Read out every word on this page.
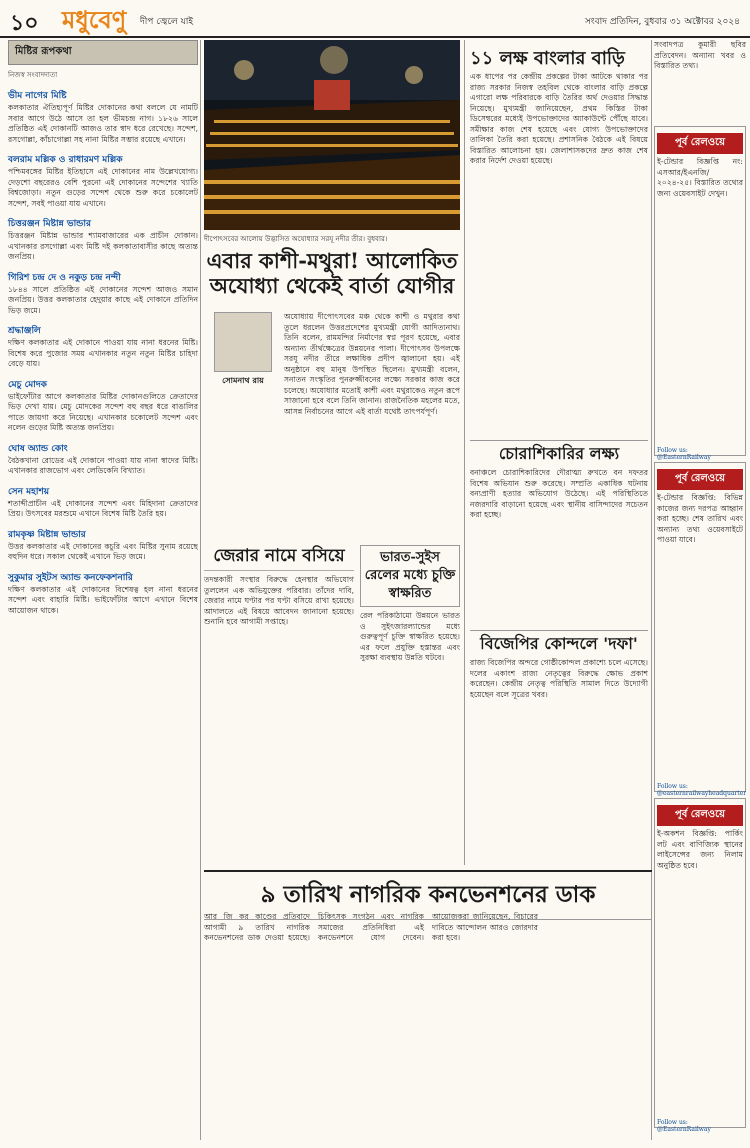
১০ মধুবেণু দীপ জ্বেলে যাই	সংবাদ প্রতিদিন, বুধবার ৩১ অক্টোবর ২০২৪
মিষ্টির রূপকথা
নিজস্ব সংবাদদাতা
ভীম নাগের মিষ্টি
কলকাতার ঐতিহ্যপূর্ণ মিষ্টির দোকানের কথা বললে যে নামটি সবার আগে উঠে আসে তা হল ভীমচন্দ্র নাগ। ১৮২৬ সালে প্রতিষ্ঠিত এই দোকানটি আজও তার স্বাদ ধরে রেখেছে। সন্দেশ, রসগোল্লা, কাঁচাগোল্লা সহ নানা মিষ্টির সম্ভার রয়েছে এখানে।
বলরাম মল্লিক ও রাধারমণ মল্লিক
পশ্চিমবঙ্গের মিষ্টির ইতিহাসে এই দোকানের নাম উল্লেখযোগ্য। দেড়শো বছরেরও বেশি পুরনো এই দোকানের সন্দেশের খ্যাতি বিশ্বজোড়া। নতুন গুড়ের সন্দেশ থেকে শুরু করে চকোলেট সন্দেশ, সবই পাওয়া যায় এখানে।
চিত্তরঞ্জন মিষ্টান্ন ভান্ডার
চিত্তরঞ্জন মিষ্টান্ন ভান্ডার শ্যামবাজারের এক প্রাচীন দোকান। এখানকার রসগোল্লা এবং মিষ্টি দই কলকাতাবাসীর কাছে অত্যন্ত জনপ্রিয়।
গিরিশ চন্দ্র দে ও নকুড় চন্দ্র নন্দী
১৮৪৪ সালে প্রতিষ্ঠিত এই দোকানের সন্দেশ আজও সমান জনপ্রিয়। উত্তর কলকাতার হেদুয়ার কাছে এই দোকানে প্রতিদিন ভিড় জমে।
শ্রদ্ধাঞ্জলি
দক্ষিণ কলকাতার এই দোকানে পাওয়া যায় নানা ধরনের মিষ্টি। বিশেষ করে পুজোর সময় এখানকার নতুন নতুন মিষ্টির চাহিদা বেড়ে যায়।
মেচু মোদক
ভাইফোঁটার আগে কলকাতার মিষ্টির দোকানগুলিতে ক্রেতাদের ভিড় দেখা যায়। মেচু মোদকের সন্দেশ বহু বছর ধরে বাঙালির পাতে জায়গা করে নিয়েছে। এখানকার চকোলেট সন্দেশ এবং নলেন গুড়ের মিষ্টি অত্যন্ত জনপ্রিয়।
ঘোষ অ্যান্ড কোং
বৈঠকখানা রোডের এই দোকানে পাওয়া যায় নানা স্বাদের মিষ্টি। এখানকার রাজভোগ এবং লেডিকেনি বিখ্যাত।
সেন মহাশয়
শতাব্দীপ্রাচীন এই দোকানের সন্দেশ এবং মিহিদানা ক্রেতাদের প্রিয়। উৎসবের মরশুমে এখানে বিশেষ মিষ্টি তৈরি হয়।
রামকৃষ্ণ মিষ্টান্ন ভান্ডার
উত্তর কলকাতার এই দোকানের কচুরি এবং মিষ্টির সুনাম রয়েছে বহুদিন ধরে। সকাল থেকেই এখানে ভিড় জমে।
সুকুমার সুইটস অ্যান্ড কনফেকশনারি
দক্ষিণ কলকাতার এই দোকানের বিশেষত্ব হল নানা ধরনের সন্দেশ এবং বাহারি মিষ্টি। ভাইফোঁটার আগে এখানে বিশেষ আয়োজন থাকে।
দীপোৎসবের আলোয় উদ্ভাসিত অযোধ্যার সরযূ নদীর তীর। বুধবার।
এবার কাশী-মথুরা! আলোকিত অযোধ্যা থেকেই বার্তা যোগীর
সোমনাথ রায়
অযোধ্যায় দীপোৎসবের মঞ্চ থেকে কাশী ও মথুরার কথা তুলে ধরলেন উত্তরপ্রদেশের মুখ্যমন্ত্রী যোগী আদিত্যনাথ। তিনি বলেন, রামমন্দির নির্মাণের স্বপ্ন পূরণ হয়েছে, এবার অন্যান্য তীর্থক্ষেত্রের উন্নয়নের পালা। দীপোৎসব উপলক্ষে সরযূ নদীর তীরে লক্ষাধিক প্রদীপ জ্বালানো হয়। এই অনুষ্ঠানে বহু মানুষ উপস্থিত ছিলেন। মুখ্যমন্ত্রী বলেন, সনাতন সংস্কৃতির পুনরুজ্জীবনের লক্ষ্যে সরকার কাজ করে চলেছে। অযোধ্যার মতোই কাশী এবং মথুরাকেও নতুন রূপে সাজানো হবে বলে তিনি জানান। রাজনৈতিক মহলের মতে, আসন্ন নির্বাচনের আগে এই বার্তা যথেষ্ট তাৎপর্যপূর্ণ।
জেরার নামে বসিয়ে
তদন্তকারী সংস্থার বিরুদ্ধে হেনস্থার অভিযোগ তুললেন এক অভিযুক্তের পরিবার। তাঁদের দাবি, জেরার নামে ঘণ্টার পর ঘণ্টা বসিয়ে রাখা হয়েছে। আদালতে এই বিষয়ে আবেদন জানানো হয়েছে। শুনানি হবে আগামী সপ্তাহে।
ভারত-সুইস রেলের মধ্যে চুক্তি স্বাক্ষরিত
রেল পরিকাঠামো উন্নয়নে ভারত ও সুইৎজারল্যান্ডের মধ্যে গুরুত্বপূর্ণ চুক্তি স্বাক্ষরিত হয়েছে। এর ফলে প্রযুক্তি হস্তান্তর এবং সুরক্ষা ব্যবস্থায় উন্নতি ঘটবে।
১১ লক্ষ বাংলার বাড়ি
এক ধাপের পর কেন্দ্রীয় প্রকল্পের টাকা আটকে থাকার পর রাজ্য সরকার নিজস্ব তহবিল থেকে বাংলার বাড়ি প্রকল্পে এগারো লক্ষ পরিবারকে বাড়ি তৈরির অর্থ দেওয়ার সিদ্ধান্ত নিয়েছে। মুখ্যমন্ত্রী জানিয়েছেন, প্রথম কিস্তির টাকা ডিসেম্বরের মধ্যেই উপভোক্তাদের অ্যাকাউন্টে পৌঁছে যাবে। সমীক্ষার কাজ শেষ হয়েছে এবং যোগ্য উপভোক্তাদের তালিকা তৈরি করা হয়েছে। প্রশাসনিক বৈঠকে এই বিষয়ে বিস্তারিত আলোচনা হয়। জেলাশাসকদের দ্রুত কাজ শেষ করার নির্দেশ দেওয়া হয়েছে।
চোরাশিকারির লক্ষ্য
বনাঞ্চলে চোরাশিকারিদের দৌরাত্ম্য রুখতে বন দফতর বিশেষ অভিযান শুরু করেছে। সম্প্রতি একাধিক ঘটনায় বন্যপ্রাণী হত্যার অভিযোগ উঠেছে। এই পরিস্থিতিতে নজরদারি বাড়ানো হয়েছে এবং স্থানীয় বাসিন্দাদের সচেতন করা হচ্ছে।
বিজেপির কোন্দলে 'দফা'
রাজ্য বিজেপির অন্দরে গোষ্ঠীকোন্দল প্রকাশ্যে চলে এসেছে। দলের একাংশ রাজ্য নেতৃত্বের বিরুদ্ধে ক্ষোভ প্রকাশ করেছেন। কেন্দ্রীয় নেতৃত্ব পরিস্থিতি সামাল দিতে উদ্যোগী হয়েছেন বলে সূত্রের খবর।
৯ তারিখ নাগরিক কনভেনশনের ডাক
আর জি কর কাণ্ডের প্রতিবাদে আগামী ৯ তারিখ নাগরিক কনভেনশনের ডাক দেওয়া হয়েছে। চিকিৎসক সংগঠন এবং নাগরিক সমাজের প্রতিনিধিরা এই কনভেনশনে যোগ দেবেন। আয়োজকরা জানিয়েছেন, বিচারের দাবিতে আন্দোলন আরও জোরদার করা হবে।
সংবাদপত্র কুমারী ছবির প্রতিবেদন। অন্যান্য খবর ও বিস্তারিত তথ্য।
পূর্ব রেলওয়ে
ই-টেন্ডার বিজ্ঞপ্তি নং: এসআর/ইএনজি/২০২৪-২৫। বিস্তারিত তথ্যের জন্য ওয়েবসাইট দেখুন।
Follow us: @EasternRailway
পূর্ব রেলওয়ে
ই-টেন্ডার বিজ্ঞপ্তি: বিভিন্ন কাজের জন্য দরপত্র আহ্বান করা হচ্ছে। শেষ তারিখ এবং অন্যান্য তথ্য ওয়েবসাইটে পাওয়া যাবে।
Follow us: @easternrailwayheadquarter
পূর্ব রেলওয়ে
ই-অকশন বিজ্ঞপ্তি: পার্কিং লট এবং বাণিজ্যিক স্থানের লাইসেন্সের জন্য নিলাম অনুষ্ঠিত হবে।
Follow us: @EasternRailway
